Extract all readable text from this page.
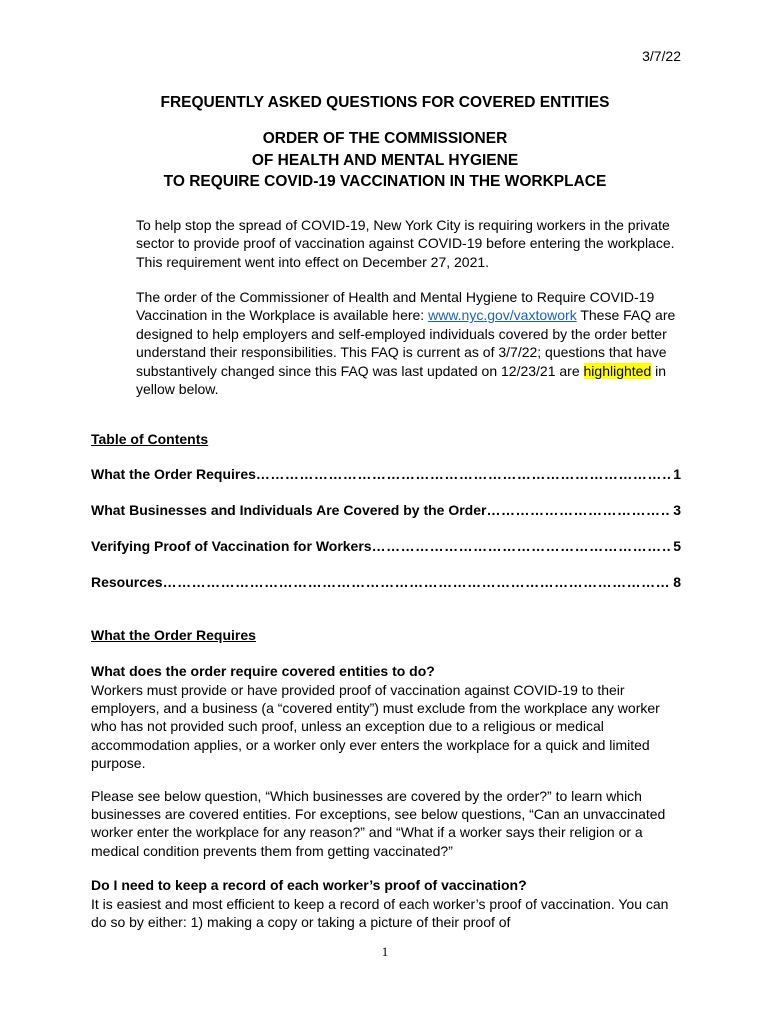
3/7/22
FREQUENTLY ASKED QUESTIONS FOR COVERED ENTITIES
ORDER OF THE COMMISSIONER
OF HEALTH AND MENTAL HYGIENE
TO REQUIRE COVID-19 VACCINATION IN THE WORKPLACE
To help stop the spread of COVID-19, New York City is requiring workers in the private sector to provide proof of vaccination against COVID-19 before entering the workplace. This requirement went into effect on December 27, 2021.
The order of the Commissioner of Health and Mental Hygiene to Require COVID-19 Vaccination in the Workplace is available here: www.nyc.gov/vaxtowork These FAQ are designed to help employers and self-employed individuals covered by the order better understand their responsibilities. This FAQ is current as of 3/7/22; questions that have substantively changed since this FAQ was last updated on 12/23/21 are highlighted in yellow below.
Table of Contents
What the Order Requires ……………………………………………………………………………………………………………………………………………………	1
What Businesses and Individuals Are Covered by the Order ……………………………………………………………………………………………………………………………………………………	3
Verifying Proof of Vaccination for Workers ……………………………………………………………………………………………………………………………………………………	5
Resources ……………………………………………………………………………………………………………………………………………………	8
What the Order Requires
What does the order require covered entities to do?
Workers must provide or have provided proof of vaccination against COVID-19 to their employers, and a business (a “covered entity”) must exclude from the workplace any worker who has not provided such proof, unless an exception due to a religious or medical accommodation applies, or a worker only ever enters the workplace for a quick and limited purpose.
Please see below question, “Which businesses are covered by the order?” to learn which businesses are covered entities. For exceptions, see below questions, “Can an unvaccinated worker enter the workplace for any reason?” and “What if a worker says their religion or a medical condition prevents them from getting vaccinated?”
Do I need to keep a record of each worker’s proof of vaccination?
It is easiest and most efficient to keep a record of each worker’s proof of vaccination. You can do so by either: 1) making a copy or taking a picture of their proof of
1
